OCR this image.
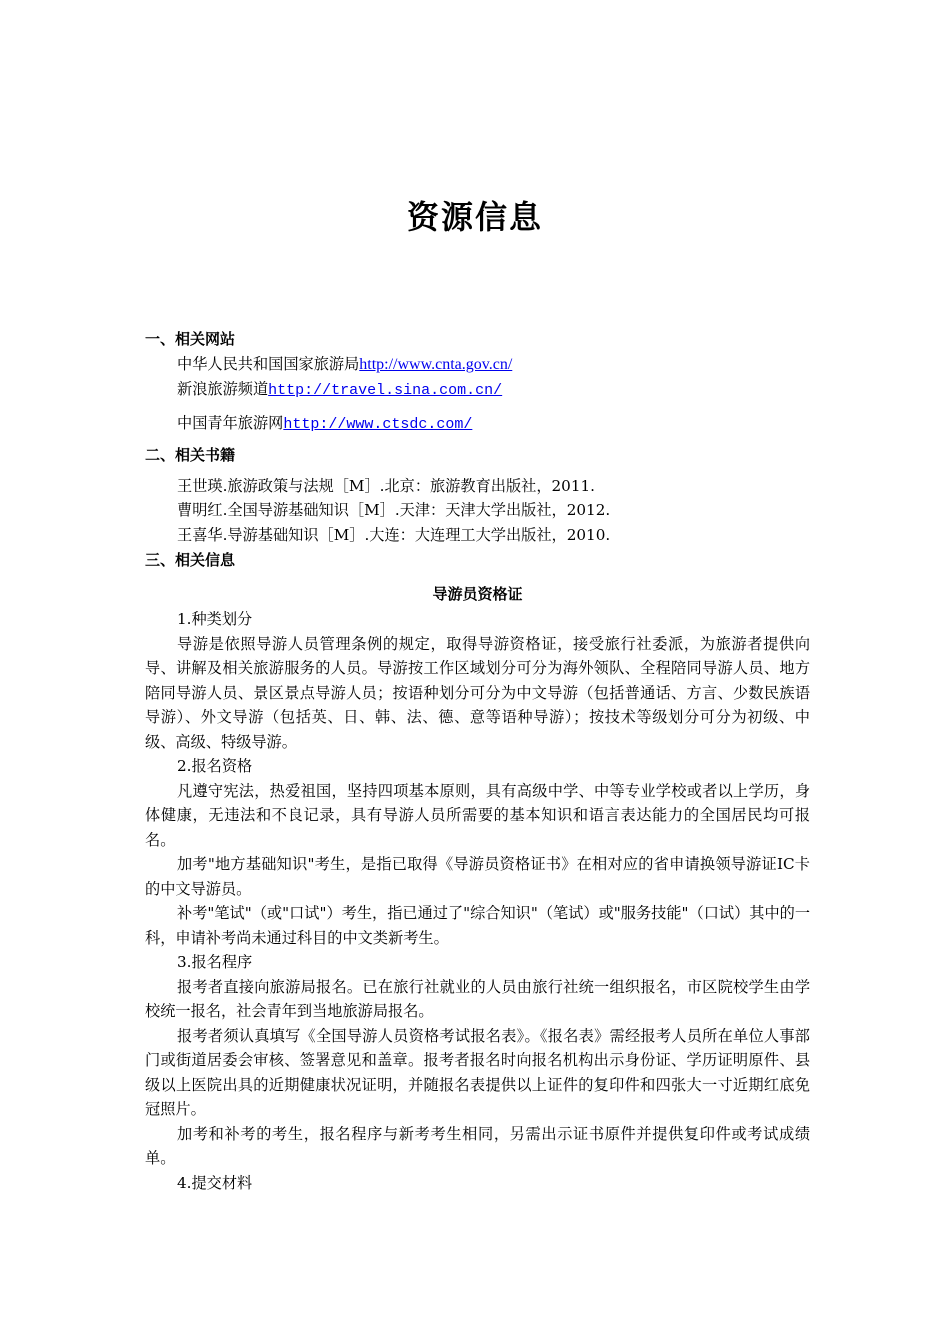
资源信息
一、相关网站
中华人民共和国国家旅游局http://www.cnta.gov.cn/
新浪旅游频道http://travel.sina.com.cn/
中国青年旅游网http://www.ctsdc.com/
二、相关书籍
王世瑛.旅游政策与法规［M］.北京：旅游教育出版社，2011.
曹明红.全国导游基础知识［M］.天津：天津大学出版社，2012.
王喜华.导游基础知识［M］.大连：大连理工大学出版社，2010.
三、相关信息
导游员资格证
1.种类划分

导游是依照导游人员管理条例的规定，取得导游资格证，接受旅行社委派，为旅游者提供向导、讲解及相关旅游服务的人员。导游按工作区域划分可分为海外领队、全程陪同导游人员、地方陪同导游人员、景区景点导游人员；按语种划分可分为中文导游（包括普通话、方言、少数民族语导游）、外文导游（包括英、日、韩、法、德、意等语种导游）；按技术等级划分可分为初级、中级、高级、特级导游。

2.报名资格

凡遵守宪法，热爱祖国，坚持四项基本原则，具有高级中学、中等专业学校或者以上学历，身体健康，无违法和不良记录，具有导游人员所需要的基本知识和语言表达能力的全国居民均可报名。

加考"地方基础知识"考生，是指已取得《导游员资格证书》在相对应的省申请换领导游证IC卡的中文导游员。

补考"笔试"（或"口试"）考生，指已通过了"综合知识"（笔试）或"服务技能"（口试）其中的一科，申请补考尚未通过科目的中文类新考生。

3.报名程序

报考者直接向旅游局报名。已在旅行社就业的人员由旅行社统一组织报名，市区院校学生由学校统一报名，社会青年到当地旅游局报名。

报考者须认真填写《全国导游人员资格考试报名表》。《报名表》需经报考人员所在单位人事部门或街道居委会审核、签署意见和盖章。报考者报名时向报名机构出示身份证、学历证明原件、县级以上医院出具的近期健康状况证明，并随报名表提供以上证件的复印件和四张大一寸近期红底免冠照片。

加考和补考的考生，报名程序与新考考生相同，另需出示证书原件并提供复印件或考试成绩单。

4.提交材料
